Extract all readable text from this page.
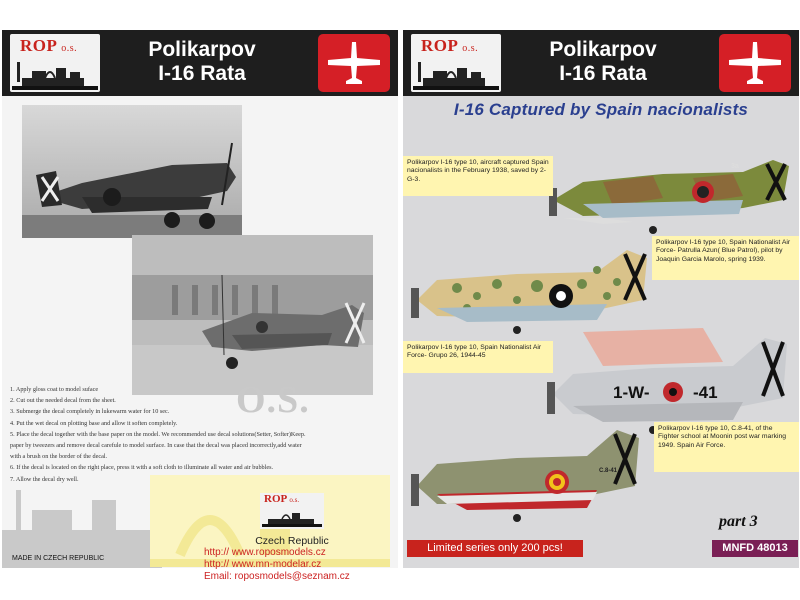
ROP o.s.	Polikarpov
I-16 Rata
O.S.
1. Apply gloss coat to model suface
2. Cut out the needed decal from the sheet.
3. Submerge the decal completely in lukewarm water for 10 sec.
4. Put the wet decal on plotting base and allow it soften completely.
5. Place the decal together with the base paper on the model. We recommended use decal solutions(Setter, Softer)Keep.
paper by tweezers and remove decal carefule to model surface. In case that the decal was placed incorrectly,add water
with a brush on the border of the decal.
6. If the decal is located on the right place, press it with a soft cloth to illuminate all water and air bubbles.
7. Allow the decal dry well.
ROP o.s.
Czech Republic
http:// www.roposmodels.cz
http:// www.mn-modelar.cz
Email: roposmodels@seznam.cz
MADE IN CZECH REPUBLIC
ROP o.s.	Polikarpov
I-16 Rata
I-16 Captured by Spain nacionalists
3а
1-W-	-41
C.8-41
Polikarpov I-16 type 10, aircraft captured Spain nacionalists in the February 1938, saved by 2-G-3.
Polikarpov I-16 type 10, Spain Nationalist Air Force- Patrulla Azun( Blue Patrol), pilot by Joaquin Garcia Marolo, spring 1939.
Polikarpov I-16 type 10, Spain Nationalist Air Force- Grupo 26, 1944-45
Polikarpov I-16 type 10, C.8-41, of the Fighter school at Moonin post war marking 1949. Spain Air Force.
part 3
Limited series only 200 pcs!	MNFD 48013
